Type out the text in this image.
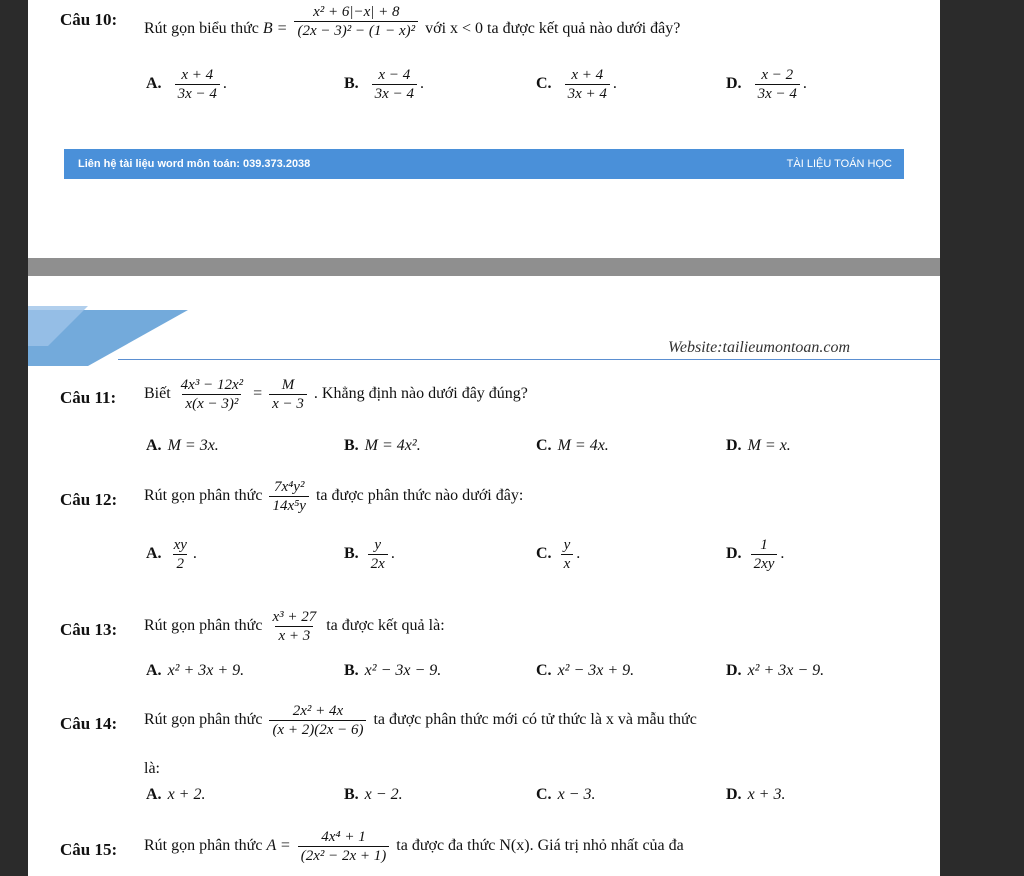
Câu 10: Rút gọn biểu thức $B = \frac{\text{x² + 6|−x| + 8}}{\text{(2x − 3)² − (1 − x)²}}$ với x < 0 ta được kết quả nào dưới đây?
A. $\frac{x + 4}{3x - 4}$ .	B. $\frac{x - 4}{3x - 4}$ .	C. $\frac{x + 4}{3x + 4}$ .	D. $\frac{x - 2}{3x - 4}$ .
Liên hệ tài liệu word môn toán: 039.373.2038	TÀI LIỆU TOÁN HỌC
Website:tailieumontoan.com
Câu 11: Biết $\frac{\text{4x³ − 12x²}}{\text{x(x − 3)²}} = \frac{M}{x - 3}$ . Khẳng định nào dưới đây đúng?
A. M = 3x.	B. M = 4x².	C. M = 4x.	D. M = x.
Câu 12: Rút gọn phân thức $\frac{\text{7x⁴y²}}{\text{14x⁵y}}$ ta được phân thức nào dưới đây:
A. $\frac{xy}{2}$ .	B. $\frac{y}{2x}$ .	C. $\frac{y}{x}$ .	D. $\frac{1}{2xy}$ .
Câu 13: Rút gọn phân thức $\frac{\text{x³ + 27}}{x + 3}$ ta được kết quả là:
A. x² + 3x + 9.	B. x² − 3x − 9.	C. x² − 3x + 9.	D. x² + 3x − 9.
Câu 14: Rút gọn phân thức $\frac{\text{2x² + 4x}}{(x + 2)(2x - 6)}$ ta được phân thức mới có tử thức là x và mẫu thức
là:
A. x + 2.	B. x − 2.	C. x − 3.	D. x + 3.
Câu 15: Rút gọn phân thức $A = \frac{\text{4x⁴ + 1}}{\text{(2x² − 2x + 1)}}$ ta được đa thức N(x). Giá trị nhỏ nhất của đa
